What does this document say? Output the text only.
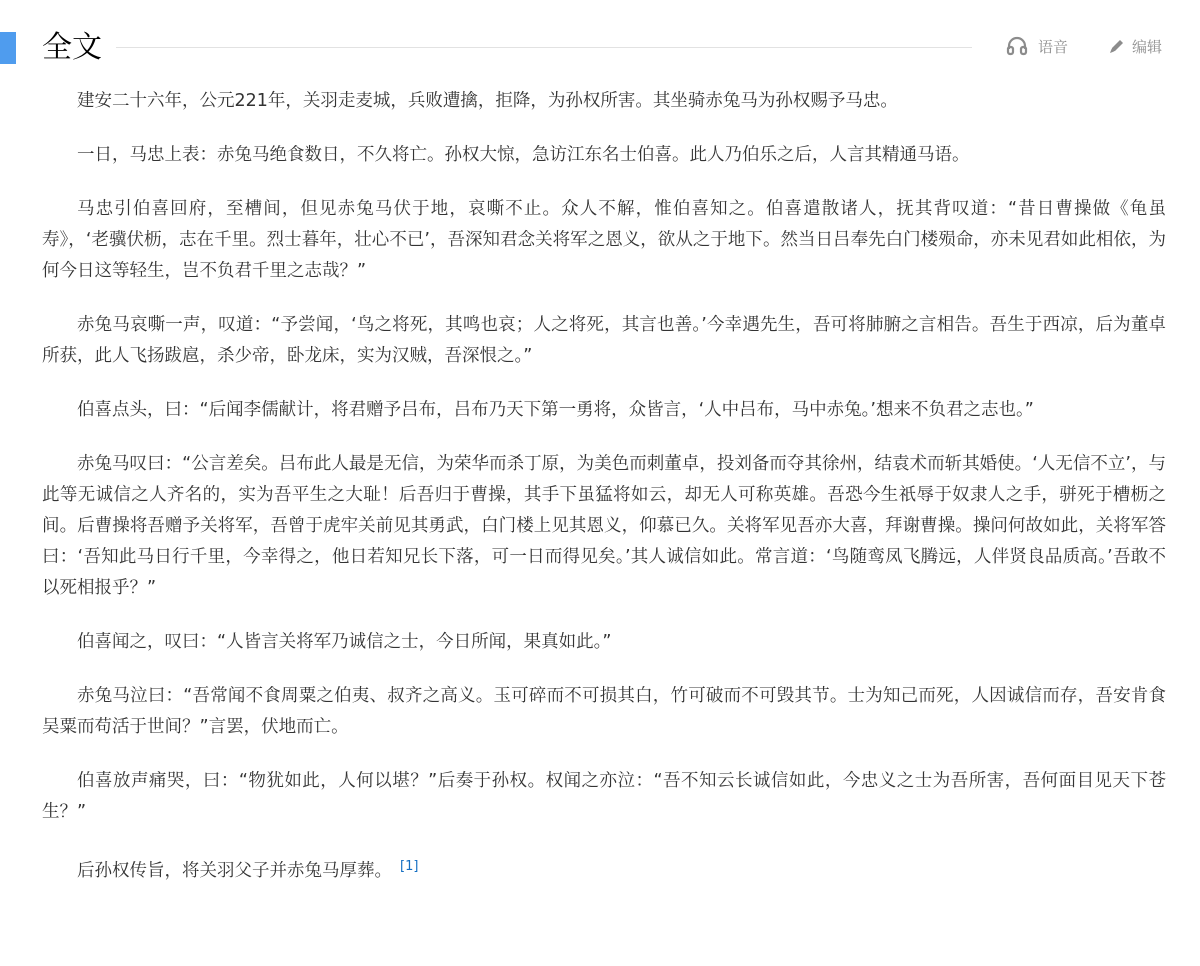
全文	语音	编辑

建安二十六年，公元221年，关羽走麦城，兵败遭擒，拒降，为孙权所害。其坐骑赤兔马为孙权赐予马忠。

一日，马忠上表：赤兔马绝食数日，不久将亡。孙权大惊，急访江东名士伯喜。此人乃伯乐之后，人言其精通马语。

马忠引伯喜回府，至槽间，但见赤兔马伏于地，哀嘶不止。众人不解，惟伯喜知之。伯喜遣散诸人，抚其背叹道：“昔日曹操做《龟虽寿》，‘老骥伏枥，志在千里。烈士暮年，壮心不已’，吾深知君念关将军之恩义，欲从之于地下。然当日吕奉先白门楼殒命，亦未见君如此相依，为何今日这等轻生，岂不负君千里之志哉？”

赤兔马哀嘶一声，叹道：“予尝闻，‘鸟之将死，其鸣也哀；人之将死，其言也善。’今幸遇先生，吾可将肺腑之言相告。吾生于西凉，后为董卓所获，此人飞扬跋扈，杀少帝，卧龙床，实为汉贼，吾深恨之。”

伯喜点头，曰：“后闻李儒献计，将君赠予吕布，吕布乃天下第一勇将，众皆言，‘人中吕布，马中赤兔。’想来不负君之志也。”

赤兔马叹曰：“公言差矣。吕布此人最是无信，为荣华而杀丁原，为美色而刺董卓，投刘备而夺其徐州，结袁术而斩其婚使。‘人无信不立’，与此等无诚信之人齐名的，实为吾平生之大耻！后吾归于曹操，其手下虽猛将如云，却无人可称英雄。吾恐今生祇辱于奴隶人之手，骈死于槽枥之间。后曹操将吾赠予关将军，吾曾于虎牢关前见其勇武，白门楼上见其恩义，仰慕已久。关将军见吾亦大喜，拜谢曹操。操问何故如此，关将军答曰：‘吾知此马日行千里，今幸得之，他日若知兄长下落，可一日而得见矣。’其人诚信如此。常言道：‘鸟随鸾凤飞腾远，人伴贤良品质高。’吾敢不以死相报乎？”

伯喜闻之，叹曰：“人皆言关将军乃诚信之士，今日所闻，果真如此。”

赤兔马泣曰：“吾常闻不食周粟之伯夷、叔齐之高义。玉可碎而不可损其白，竹可破而不可毁其节。士为知己而死，人因诚信而存，吾安肯食吴粟而苟活于世间？”言罢，伏地而亡。

伯喜放声痛哭，曰：“物犹如此，人何以堪？”后奏于孙权。权闻之亦泣：“吾不知云长诚信如此，今忠义之士为吾所害，吾何面目见天下苍生？”

后孙权传旨，将关羽父子并赤兔马厚葬。 [1]
